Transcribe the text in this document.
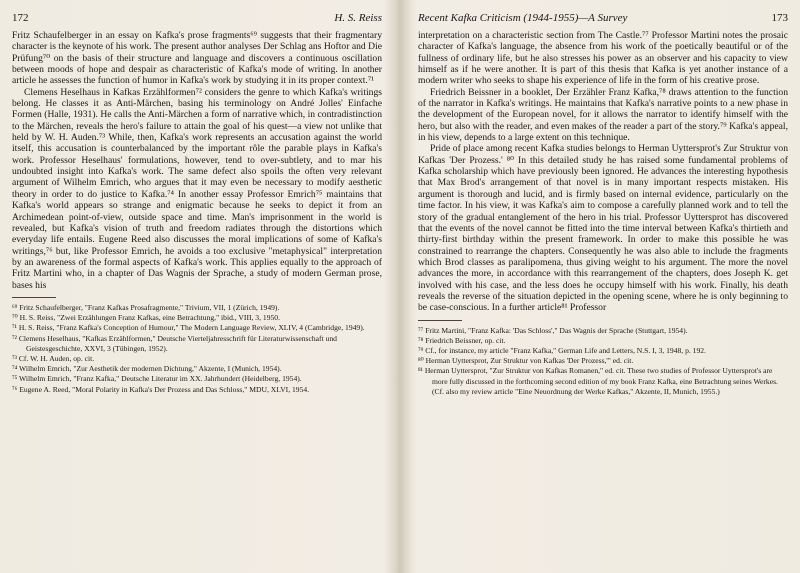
172	H. S. Reiss

Fritz Schaufelberger in an essay on Kafka's prose fragments⁶⁹ suggests that their fragmentary character is the keynote of his work. The present author analyses Der Schlag ans Hoftor and Die Prüfung⁷⁰ on the basis of their structure and language and discovers a continuous oscillation between moods of hope and despair as characteristic of Kafka's mode of writing. In another article he assesses the function of humor in Kafka's work by studying it in its proper context.⁷¹

Clemens Heselhaus in Kafkas Erzählformen⁷² considers the genre to which Kafka's writings belong. He classes it as Anti-Märchen, basing his terminology on André Jolles' Einfache Formen (Halle, 1931). He calls the Anti-Märchen a form of narrative which, in contradistinction to the Märchen, reveals the hero's failure to attain the goal of his quest—a view not unlike that held by W. H. Auden.⁷³ While, then, Kafka's work represents an accusation against the world itself, this accusation is counterbalanced by the important rôle the parable plays in Kafka's work. Professor Heselhaus' formulations, however, tend to over-subtlety, and to mar his undoubted insight into Kafka's work. The same defect also spoils the often very relevant argument of Wilhelm Emrich, who argues that it may even be necessary to modify aesthetic theory in order to do justice to Kafka.⁷⁴ In another essay Professor Emrich⁷⁵ maintains that Kafka's world appears so strange and enigmatic because he seeks to depict it from an Archimedean point-of-view, outside space and time. Man's imprisonment in the world is revealed, but Kafka's vision of truth and freedom radiates through the distortions which everyday life entails. Eugene Reed also discusses the moral implications of some of Kafka's writings,⁷⁶ but, like Professor Emrich, he avoids a too exclusive "metaphysical" interpretation by an awareness of the formal aspects of Kafka's work. This applies equally to the approach of Fritz Martini who, in a chapter of Das Wagnis der Sprache, a study of modern German prose, bases his

⁶⁹ Fritz Schaufelberger, "Franz Kafkas Prosafragmente," Trivium, VII, 1 (Zürich, 1949).

⁷⁰ H. S. Reiss, "Zwei Erzählungen Franz Kafkas, eine Betrachtung," ibid., VIII, 3, 1950.

⁷¹ H. S. Reiss, "Franz Kafka's Conception of Humour," The Modern Language Review, XLIV, 4 (Cambridge, 1949).

⁷² Clemens Heselhaus, "Kafkas Erzählformen," Deutsche Vierteljahresschrift für Literaturwissenschaft und Geistesgeschichte, XXVI, 3 (Tübingen, 1952).

⁷³ Cf. W. H. Auden, op. cit.

⁷⁴ Wilhelm Emrich, "Zur Aesthetik der modernen Dichtung," Akzente, I (Munich, 1954).

⁷⁵ Wilhelm Emrich, "Franz Kafka," Deutsche Literatur im XX. Jahrhundert (Heidelberg, 1954).

⁷⁶ Eugene A. Reed, "Moral Polarity in Kafka's Der Prozess and Das Schloss," MDU, XLVI, 1954.

Recent Kafka Criticism (1944-1955)—A Survey	173

interpretation on a characteristic section from The Castle.⁷⁷ Professor Martini notes the prosaic character of Kafka's language, the absence from his work of the poetically beautiful or of the fullness of ordinary life, but he also stresses his power as an observer and his capacity to view himself as if he were another. It is part of this thesis that Kafka is yet another instance of a modern writer who seeks to shape his experience of life in the form of his creative prose.

Friedrich Beissner in a booklet, Der Erzähler Franz Kafka,⁷⁸ draws attention to the function of the narrator in Kafka's writings. He maintains that Kafka's narrative points to a new phase in the development of the European novel, for it allows the narrator to identify himself with the hero, but also with the reader, and even makes of the reader a part of the story.⁷⁹ Kafka's appeal, in his view, depends to a large extent on this technique.

Pride of place among recent Kafka studies belongs to Herman Uyttersprot's Zur Struktur von Kafkas 'Der Prozess.' ⁸⁰ In this detailed study he has raised some fundamental problems of Kafka scholarship which have previously been ignored. He advances the interesting hypothesis that Max Brod's arrangement of that novel is in many important respects mistaken. His argument is thorough and lucid, and is firmly based on internal evidence, particularly on the time factor. In his view, it was Kafka's aim to compose a carefully planned work and to tell the story of the gradual entanglement of the hero in his trial. Professor Uyttersprot has discovered that the events of the novel cannot be fitted into the time interval between Kafka's thirtieth and thirty-first birthday within the present framework. In order to make this possible he was constrained to rearrange the chapters. Consequently he was also able to include the fragments which Brod classes as paralipomena, thus giving weight to his argument. The more the novel advances the more, in accordance with this rearrangement of the chapters, does Joseph K. get involved with his case, and the less does he occupy himself with his work. Finally, his death reveals the reverse of the situation depicted in the opening scene, where he is only beginning to be case-conscious. In a further article⁸¹ Professor

⁷⁷ Fritz Martini, "Franz Kafka: 'Das Schloss'," Das Wagnis der Sprache (Stuttgart, 1954).

⁷⁸ Friedrich Beissner, op. cit.

⁷⁹ Cf., for instance, my article "Franz Kafka," German Life and Letters, N.S. I, 3, 1948, p. 192.

⁸⁰ Herman Uyttersprot, Zur Struktur von Kafkas 'Der Prozess,'" ed. cit.

⁸¹ Herman Uyttersprot, "Zur Struktur von Kafkas Romanen," ed. cit. These two studies of Professor Uyttersprot's are more fully discussed in the forthcoming second edition of my book Franz Kafka, eine Betrachtung seines Werkes. (Cf. also my review article "Eine Neuordnung der Werke Kafkas," Akzente, II, Munich, 1955.)
